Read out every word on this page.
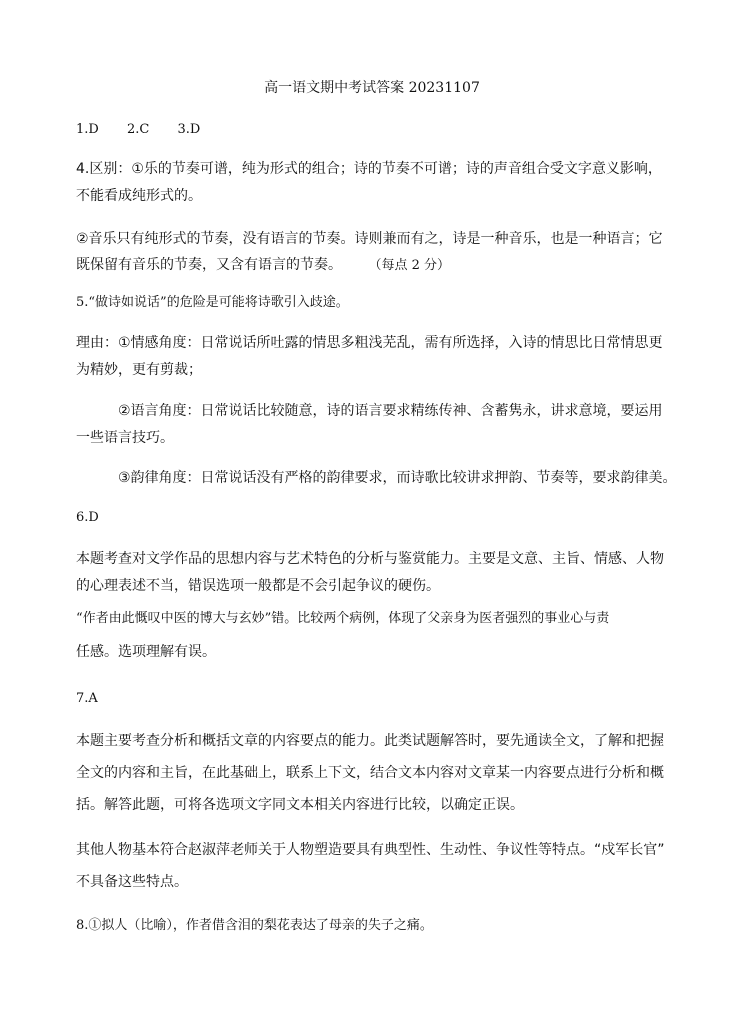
高一语文期中考试答案 20231107
1.D 2.C 3.D
4.区别：①乐的节奏可谱，纯为形式的组合；诗的节奏不可谱；诗的声音组合受文字意义影响，
不能看成纯形式的。
②音乐只有纯形式的节奏，没有语言的节奏。诗则兼而有之，诗是一种音乐，也是一种语言；它
既保留有音乐的节奏，又含有语言的节奏。 （每点 2 分）
5.“做诗如说话”的危险是可能将诗歌引入歧途。
理由：①情感角度：日常说话所吐露的情思多粗浅芜乱，需有所选择，入诗的情思比日常情思更
为精妙，更有剪裁；
②语言角度：日常说话比较随意，诗的语言要求精练传神、含蓄隽永，讲求意境，要运用
一些语言技巧。
③韵律角度：日常说话没有严格的韵律要求，而诗歌比较讲求押韵、节奏等，要求韵律美。
6.D
本题考查对文学作品的思想内容与艺术特色的分析与鉴赏能力。主要是文意、主旨、情感、人物
的心理表述不当，错误选项一般都是不会引起争议的硬伤。
“作者由此慨叹中医的博大与玄妙”错。比较两个病例，体现了父亲身为医者强烈的事业心与责
任感。选项理解有误。
7.A
本题主要考查分析和概括文章的内容要点的能力。此类试题解答时，要先通读全文，了解和把握
全文的内容和主旨，在此基础上，联系上下文，结合文本内容对文章某一内容要点进行分析和概
括。解答此题，可将各选项文字同文本相关内容进行比较，以确定正误。
其他人物基本符合赵淑萍老师关于人物塑造要具有典型性、生动性、争议性等特点。“戍军长官”
不具备这些特点。
8.①拟人（比喻），作者借含泪的梨花表达了母亲的失子之痛。
